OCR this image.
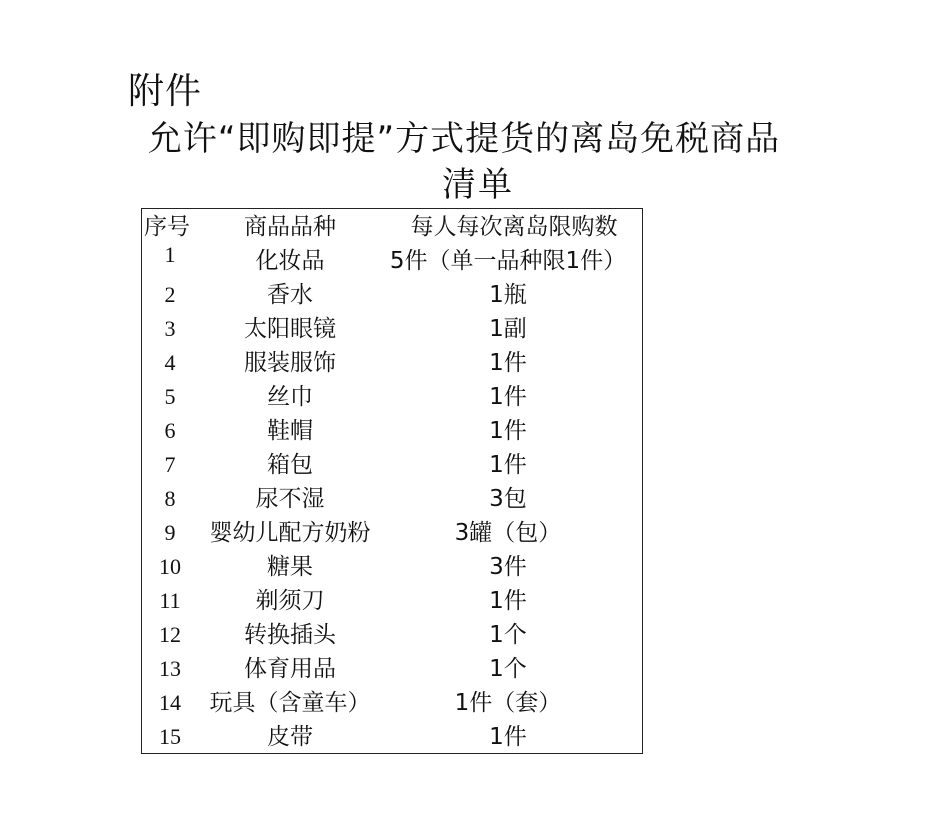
附件
允许“即购即提”方式提货的离岛免税商品
清单
序号	商品品种	每人每次离岛限购数
1	化妆品	5件（单一品种限1件）
2	香水	1瓶
3	太阳眼镜	1副
4	服装服饰	1件
5	丝巾	1件
6	鞋帽	1件
7	箱包	1件
8	尿不湿	3包
9	婴幼儿配方奶粉	3罐（包）
10	糖果	3件
11	剃须刀	1件
12	转换插头	1个
13	体育用品	1个
14	玩具（含童车）	1件（套）
15	皮带	1件
